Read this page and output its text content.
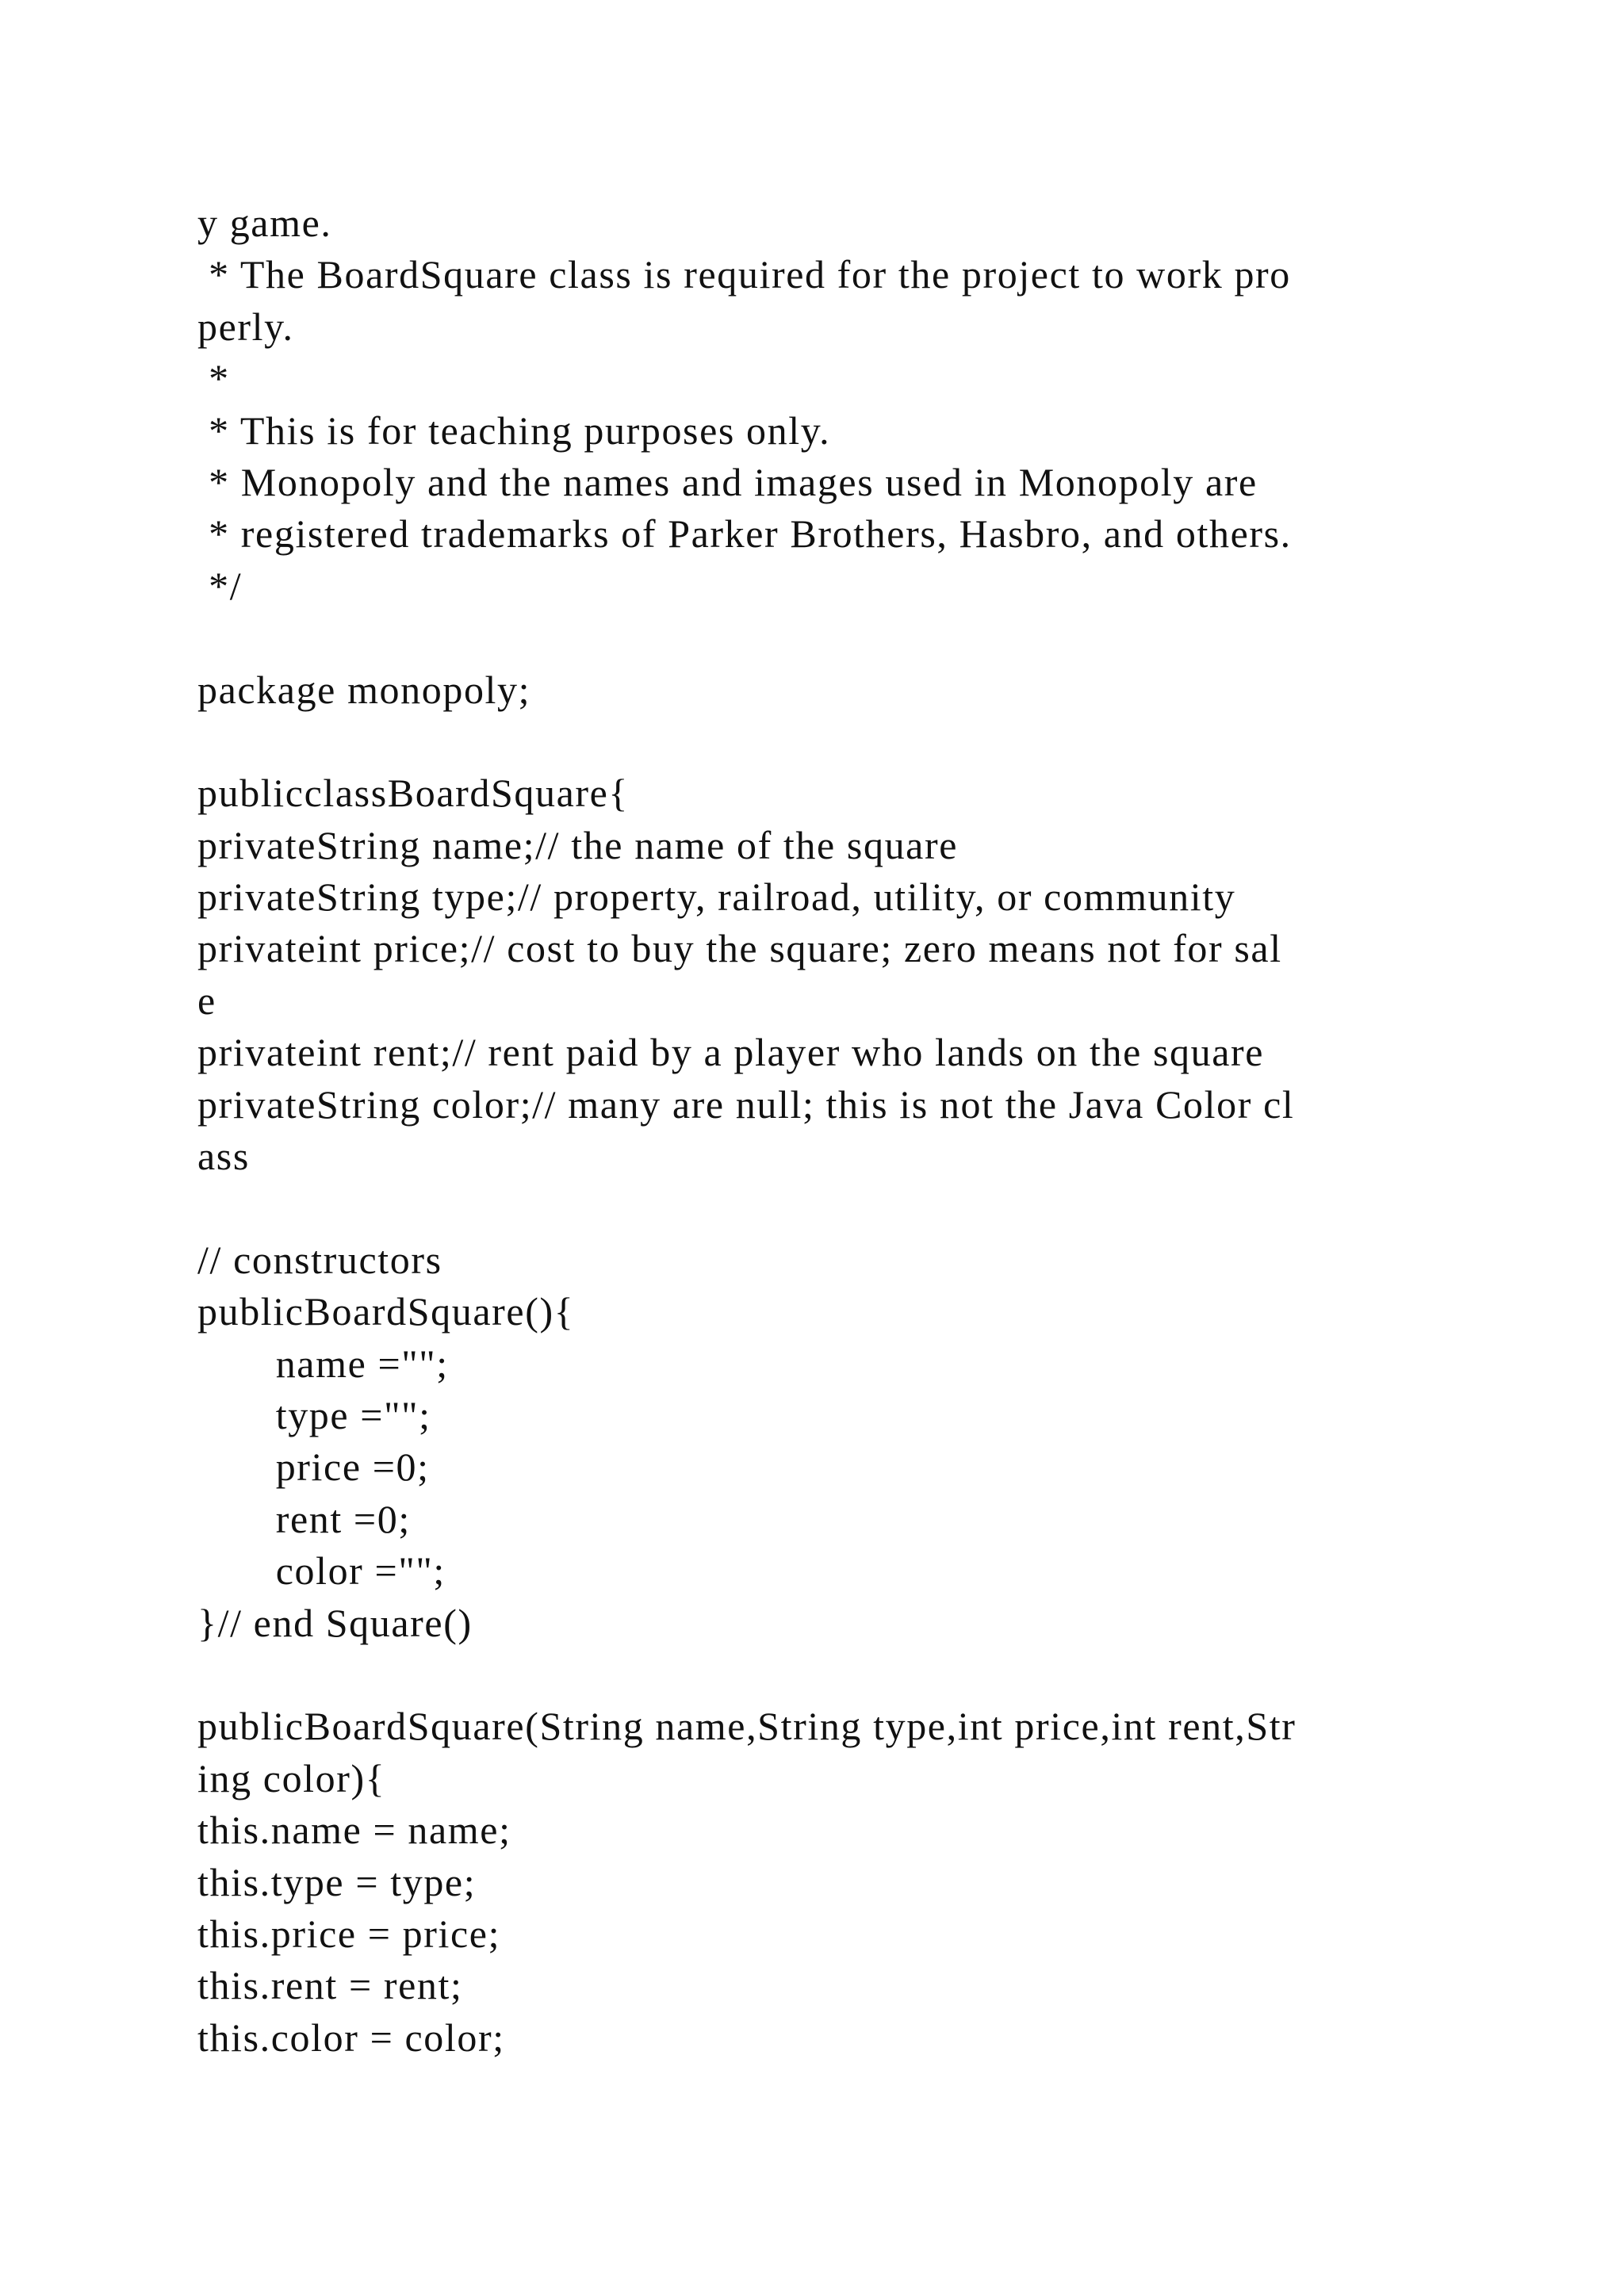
y game.
* The BoardSquare class is required for the project to work pro
perly.
*
* This is for teaching purposes only.
* Monopoly and the names and images used in Monopoly are
* registered trademarks of Parker Brothers, Hasbro, and others.
*/
package monopoly;
publicclassBoardSquare{
privateString name;// the name of the square
privateString type;// property, railroad, utility, or community
privateint price;// cost to buy the square; zero means not for sal
e
privateint rent;// rent paid by a player who lands on the square
privateString color;// many are null; this is not the Java Color cl
ass
// constructors
publicBoardSquare(){
name ="";
type ="";
price =0;
rent =0;
color ="";
}// end Square()
publicBoardSquare(String name,String type,int price,int rent,Str
ing color){
this.name = name;
this.type = type;
this.price = price;
this.rent = rent;
this.color = color;
